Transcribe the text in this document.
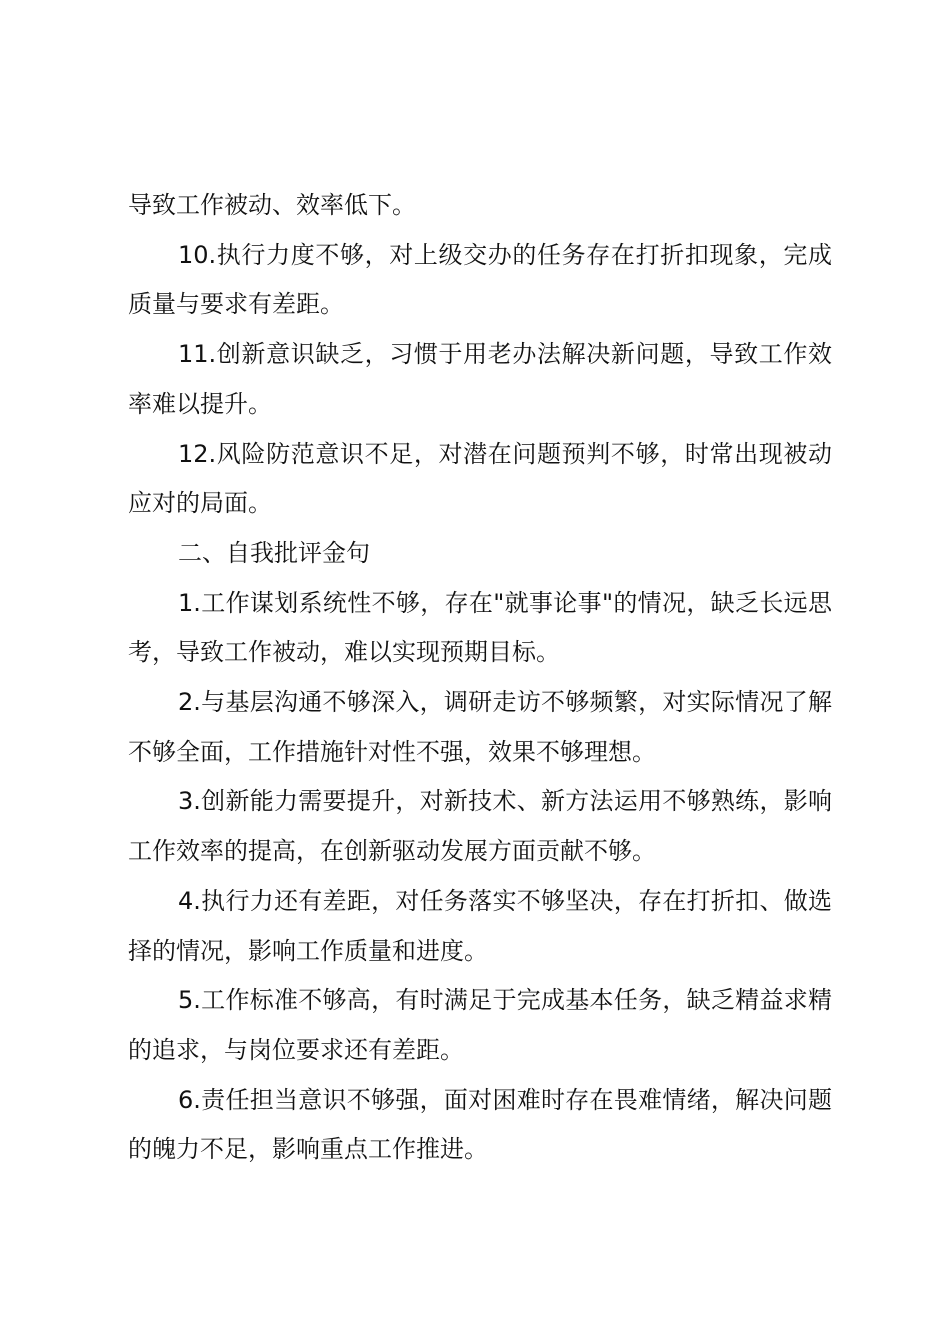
导致工作被动、效率低下。

10.执行力度不够，对上级交办的任务存在打折扣现象，完成质量与要求有差距。

11.创新意识缺乏，习惯于用老办法解决新问题，导致工作效率难以提升。

12.风险防范意识不足，对潜在问题预判不够，时常出现被动应对的局面。

二、自我批评金句

1.工作谋划系统性不够，存在"就事论事"的情况，缺乏长远思考，导致工作被动，难以实现预期目标。

2.与基层沟通不够深入，调研走访不够频繁，对实际情况了解不够全面，工作措施针对性不强，效果不够理想。

3.创新能力需要提升，对新技术、新方法运用不够熟练，影响工作效率的提高，在创新驱动发展方面贡献不够。

4.执行力还有差距，对任务落实不够坚决，存在打折扣、做选择的情况，影响工作质量和进度。

5.工作标准不够高，有时满足于完成基本任务，缺乏精益求精的追求，与岗位要求还有差距。

6.责任担当意识不够强，面对困难时存在畏难情绪，解决问题的魄力不足，影响重点工作推进。
